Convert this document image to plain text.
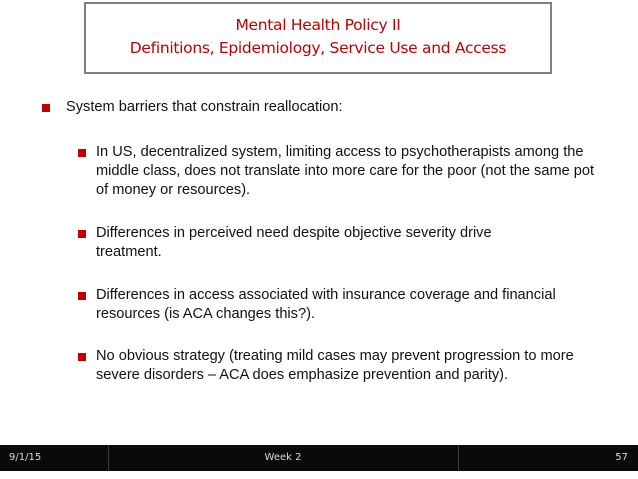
Mental Health Policy II
Definitions, Epidemiology, Service Use and Access
System barriers that constrain reallocation:
In US, decentralized system, limiting access to psychotherapists among the middle class, does not translate into more care for the poor (not the same pot of money or resources).
Differences in perceived need despite objective severity drive treatment.
Differences in access associated with insurance coverage and financial resources (is ACA changes this?).
No obvious strategy (treating mild cases may prevent progression to more severe disorders – ACA does emphasize prevention and parity).
9/1/15	Week 2	57
